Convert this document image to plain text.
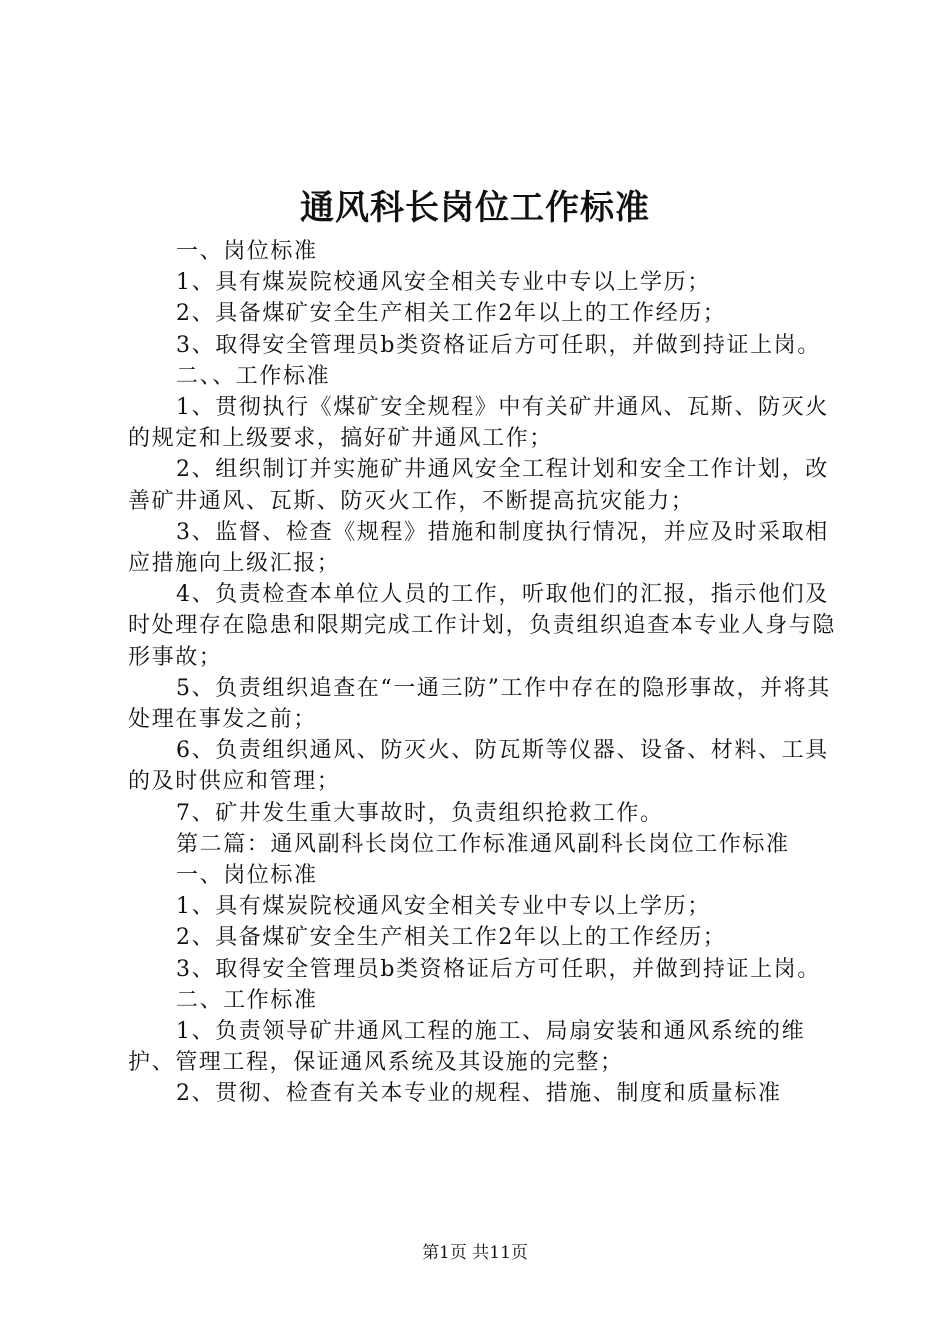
通风科长岗位工作标准

一、岗位标准

1、具有煤炭院校通风安全相关专业中专以上学历；

2、具备煤矿安全生产相关工作2年以上的工作经历；

3、取得安全管理员b类资格证后方可任职，并做到持证上岗。

二、、工作标准

1、贯彻执行《煤矿安全规程》中有关矿井通风、瓦斯、防灭火的规定和上级要求，搞好矿井通风工作；

2、组织制订并实施矿井通风安全工程计划和安全工作计划，改善矿井通风、瓦斯、防灭火工作，不断提高抗灾能力；

3、监督、检查《规程》措施和制度执行情况，并应及时采取相应措施向上级汇报；

4、负责检查本单位人员的工作，听取他们的汇报，指示他们及时处理存在隐患和限期完成工作计划，负责组织追查本专业人身与隐形事故；

5、负责组织追查在“一通三防”工作中存在的隐形事故，并将其处理在事发之前；

6、负责组织通风、防灭火、防瓦斯等仪器、设备、材料、工具的及时供应和管理；

7、矿井发生重大事故时，负责组织抢救工作。

第二篇：通风副科长岗位工作标准通风副科长岗位工作标准

一、岗位标准

1、具有煤炭院校通风安全相关专业中专以上学历；

2、具备煤矿安全生产相关工作2年以上的工作经历；

3、取得安全管理员b类资格证后方可任职，并做到持证上岗。

二、工作标准

1、负责领导矿井通风工程的施工、局扇安装和通风系统的维护、管理工程，保证通风系统及其设施的完整；

2、贯彻、检查有关本专业的规程、措施、制度和质量标准

第1页 共11页
